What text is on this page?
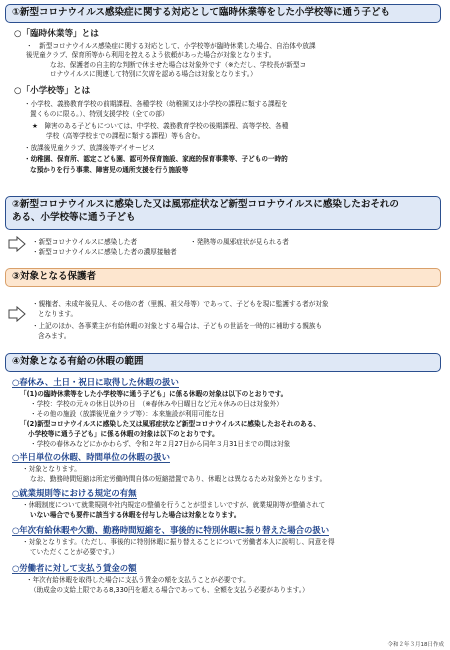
①新型コロナウイルス感染症に関する対応として臨時休業等をした小学校等に通う子ども
○「臨時休業等」とは
・　新型コロナウイルス感染症に関する対応として、小学校等が臨時休業した場合、自治体や放課
後児童クラブ、保育所等から利用を控えるよう依頼があった場合が対象となります。
なお、保護者の自主的な判断で休ませた場合は対象外です（※ただし、学校長が新型コ
ロナウイルスに関連して特別に欠席を認める場合は対象となります。）
○「小学校等」とは
・小学校、義務教育学校の前期課程、各種学校（幼稚園又は小学校の課程に類する課程を
置くものに限る。）、特別支援学校（全ての部）
★　障害のある子どもについては、中学校、義務教育学校の後期課程、高等学校、各種
学校（高等学校までの課程に類する課程）等も含む。
・放課後児童クラブ、放課後等デイサービス
・幼稚園、保育所、認定こども園、認可外保育施設、家庭的保育事業等、子どもの一時的
な預かりを行う事業、障害児の通所支援を行う施設等
②新型コロナウイルスに感染した又は風邪症状など新型コロナウイルスに感染したおそれの
ある、小学校等に通う子ども
・新型コロナウイルスに感染した者	・発熱等の風邪症状が見られる者
・新型コロナウイルスに感染した者の濃厚接触者
③対象となる保護者
・親権者、未成年後見人、その他の者（里親、祖父母等）であって、子どもを現に監護する者が対象
となります。
・上記のほか、各事業主が有給休暇の対象とする場合は、子どもの世話を一時的に補助する親族も
含みます。
④対象となる有給の休暇の範囲
○春休み、土日・祝日に取得した休暇の扱い
「(1)の臨時休業等をした小学校等に通う子ども」に係る休暇の対象は以下のとおりです。
・学校：学校の元々の休日以外の日　（※春休みや日曜日など元々休みの日は対象外）
・その他の施設（放課後児童クラブ等）：本来施設が利用可能な日
「(2)新型コロナウイルスに感染した又は風邪症状など新型コロナウイルスに感染したおそれのある、
小学校等に通う子ども」に係る休暇の対象は以下のとおりです。
・学校の春休みなどにかかわらず、令和２年２月27日から同年３月31日までの間は対象
○半日単位の休暇、時間単位の休暇の扱い
・対象となります。
なお、勤務時間短縮は所定労働時間自体の短縮措置であり、休暇とは異なるため対象外となります。
○就業規則等における規定の有無
・休暇制度について就業規則や社内規定の整備を行うことが望ましいですが、就業規則等が整備されて
いない場合でも要件に該当する休暇を付与した場合は対象となります。
○年次有給休暇や欠勤、勤務時間短縮を、事後的に特別休暇に振り替えた場合の扱い
・対象となります。（ただし、事後的に特別休暇に振り替えることについて労働者本人に説明し、同意を得
ていただくことが必要です。）
○労働者に対して支払う賃金の額
・年次有給休暇を取得した場合に支払う賃金の額を支払うことが必要です。
（助成金の支給上限である8,330円を超える場合であっても、全額を支払う必要があります。）
令和２年３月18日作成
